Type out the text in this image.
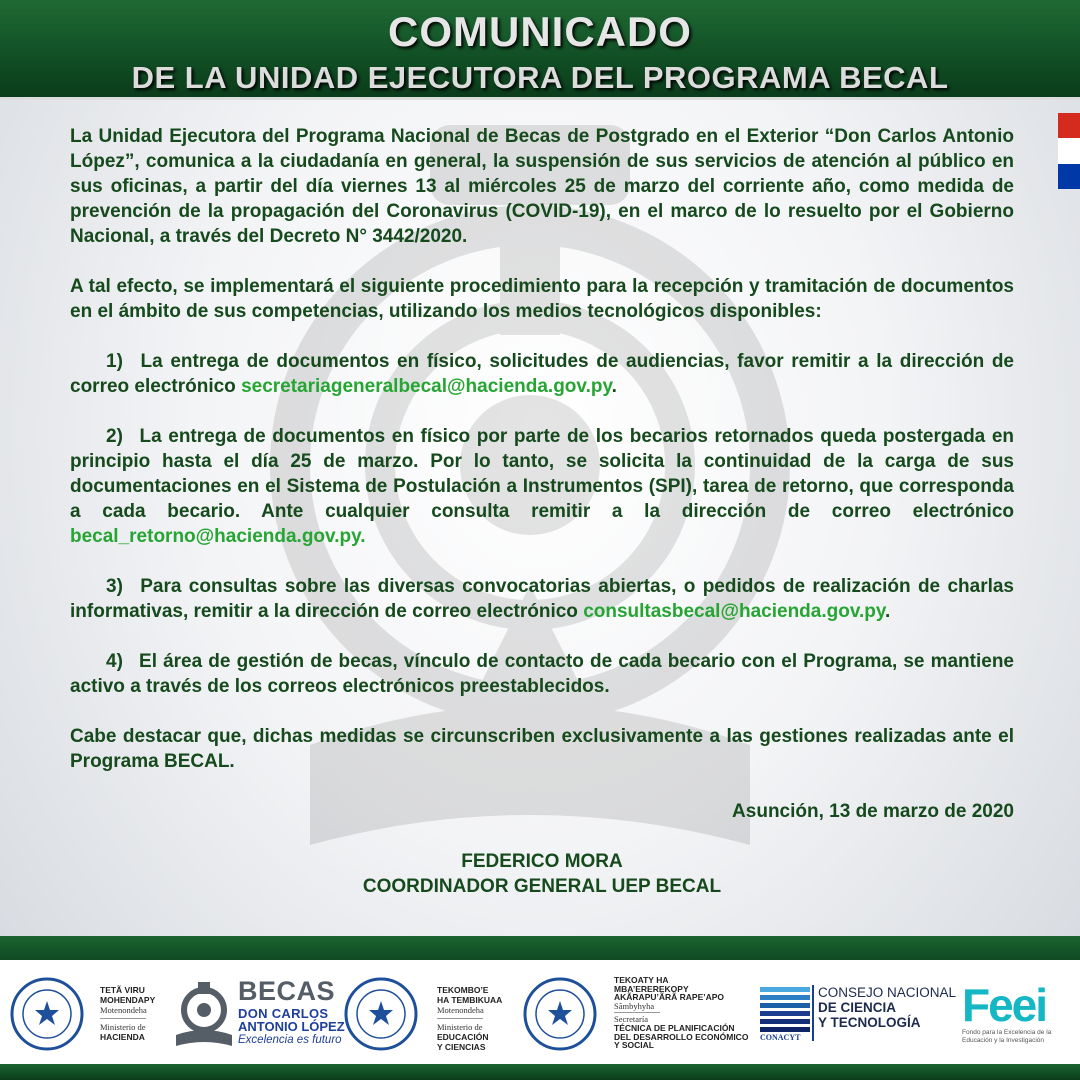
COMUNICADO
DE LA UNIDAD EJECUTORA DEL PROGRAMA BECAL

La Unidad Ejecutora del Programa Nacional de Becas de Postgrado en el Exterior “Don Carlos Antonio López”, comunica a la ciudadanía en general, la suspensión de sus servicios de atención al público en sus oficinas, a partir del día viernes 13 al miércoles 25 de marzo del corriente año, como medida de prevención de la propagación del Coronavirus (COVID-19), en el marco de lo resuelto por el Gobierno Nacional, a través del Decreto N° 3442/2020.

A tal efecto, se implementará el siguiente procedimiento para la recepción y tramitación de documentos en el ámbito de sus competencias, utilizando los medios tecnológicos disponibles:

1) La entrega de documentos en físico, solicitudes de audiencias, favor remitir a la dirección de correo electrónico secretariageneralbecal@hacienda.gov.py.

2) La entrega de documentos en físico por parte de los becarios retornados queda postergada en principio hasta el día 25 de marzo. Por lo tanto, se solicita la continuidad de la carga de sus documentaciones en el Sistema de Postulación a Instrumentos (SPI), tarea de retorno, que corresponda a cada becario. Ante cualquier consulta remitir a la dirección de correo electrónico becal_retorno@hacienda.gov.py.

3) Para consultas sobre las diversas convocatorias abiertas, o pedidos de realización de charlas informativas, remitir a la dirección de correo electrónico consultasbecal@hacienda.gov.py.

4) El área de gestión de becas, vínculo de contacto de cada becario con el Programa, se mantiene activo a través de los correos electrónicos preestablecidos.

Cabe destacar que, dichas medidas se circunscriben exclusivamente a las gestiones realizadas ante el Programa BECAL.

Asunción, 13 de marzo de 2020

FEDERICO MORA
COORDINADOR GENERAL UEP BECAL
TETÃ VIRU
MOHENDAPY
Motenondeha
Ministerio de
HACIENDA
BECAS
DON CARLOS
ANTONIO LÓPEZ
Excelencia es futuro
TEKOMBO’E
HA TEMBIKUAA
Motenondeha
Ministerio de
EDUCACIÓN
Y CIENCIAS
TEKOATY HA
MBA’EREREKOPY
AKÃRAPU’ÃRÃ RAPE’APO
Sãmbyhyha
Secretaría
TÉCNICA DE PLANIFICACIÓN
DEL DESARROLLO ECONÓMICO
Y SOCIAL
CONACYT
CONSEJO NACIONAL
DE CIENCIA
Y TECNOLOGÍA Feei
Fondo para la Excelencia de la Educación y la Investigación
